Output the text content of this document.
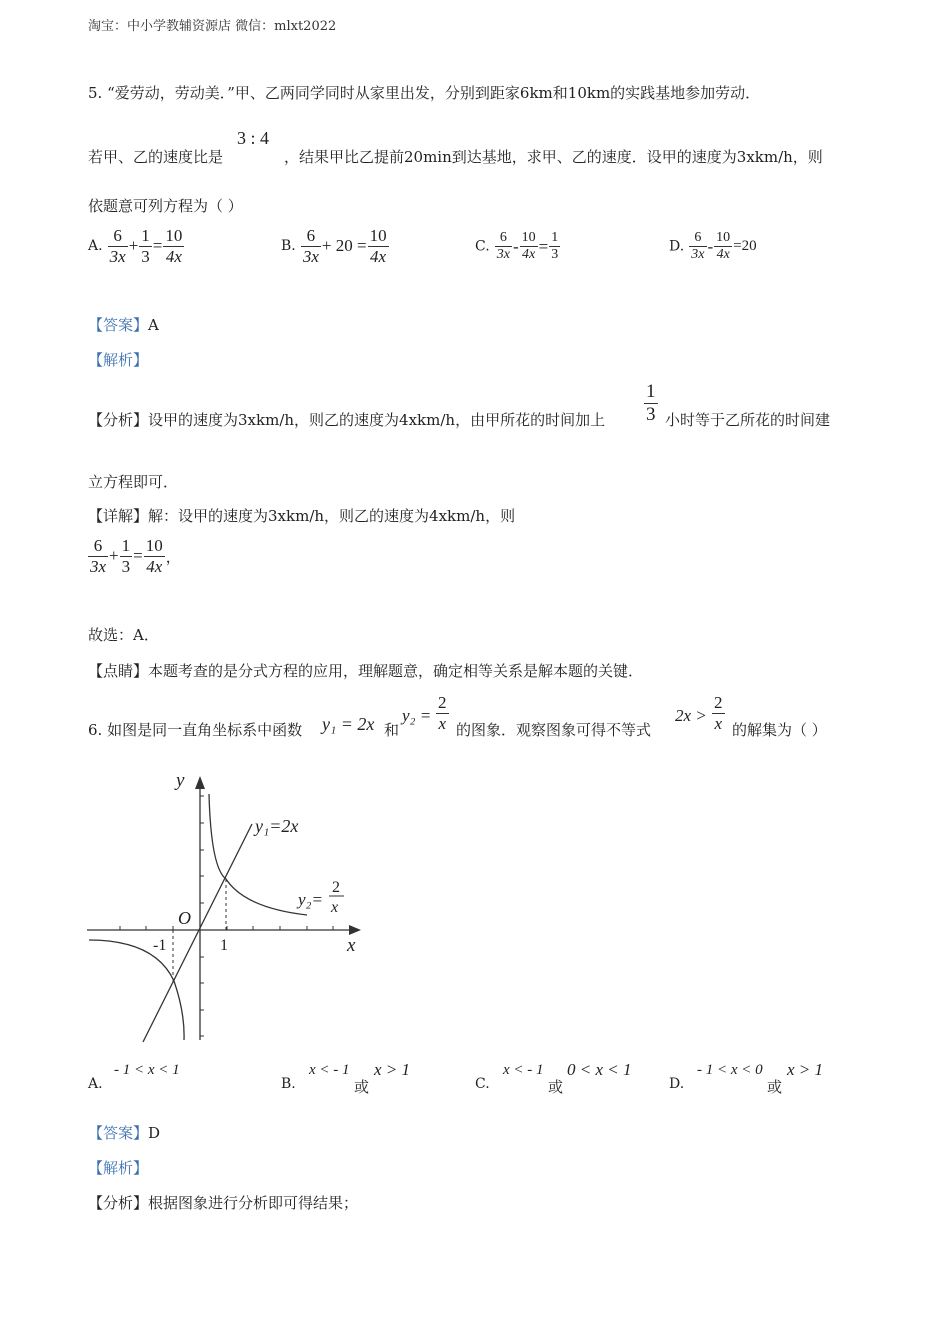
淘宝：中小学教辅资源店 微信：mlxt2022
5. “爱劳动，劳动美．”甲、乙两同学同时从家里出发，分别到距家6km和10km的实践基地参加劳动．
3 : 4
若甲、乙的速度比是	，结果甲比乙提前20min到达基地，求甲、乙的速度．设甲的速度为3xkm/h，则
依题意可列方程为（ ）
A. $\frac{6}{3x} + \frac{1}{3} = \frac{10}{4x}$	B. $\frac{6}{3x} + 20 = \frac{10}{4x}$	C. $\frac{6}{3x} - \frac{10}{4x} = \frac{1}{3}$	D. $\frac{6}{3x} - \frac{10}{4x} =20$
【答案】A
【解析】
【分析】设甲的速度为3xkm/h，则乙的速度为4xkm/h，由甲所花的时间加上 $\frac{1}{3}$ 小时等于乙所花的时间建
立方程即可．
【详解】解：设甲的速度为3xkm/h，则乙的速度为4xkm/h，则
$\frac{6}{3x} + \frac{1}{3} = \frac{10}{4x}$ ，
故选：A．
【点睛】本题考查的是分式方程的应用，理解题意，确定相等关系是解本题的关键．
6. 如图是同一直角坐标系中函数 y₁ = 2x 和
$y_2 = \frac{2}{x}$ 的图象．观察图象可得不等式
$2x > \frac{2}{x}$ 的解集为（ ）
y
x
O
-1	1
y₁=2x
y₂=
2
x
A.
- 1 < x < 1
B.
x < - 1
或
x > 1
C.
x < - 1
或
0 < x < 1
D.
- 1 < x < 0
或
x > 1
【答案】D
【解析】
【分析】根据图象进行分析即可得结果；
